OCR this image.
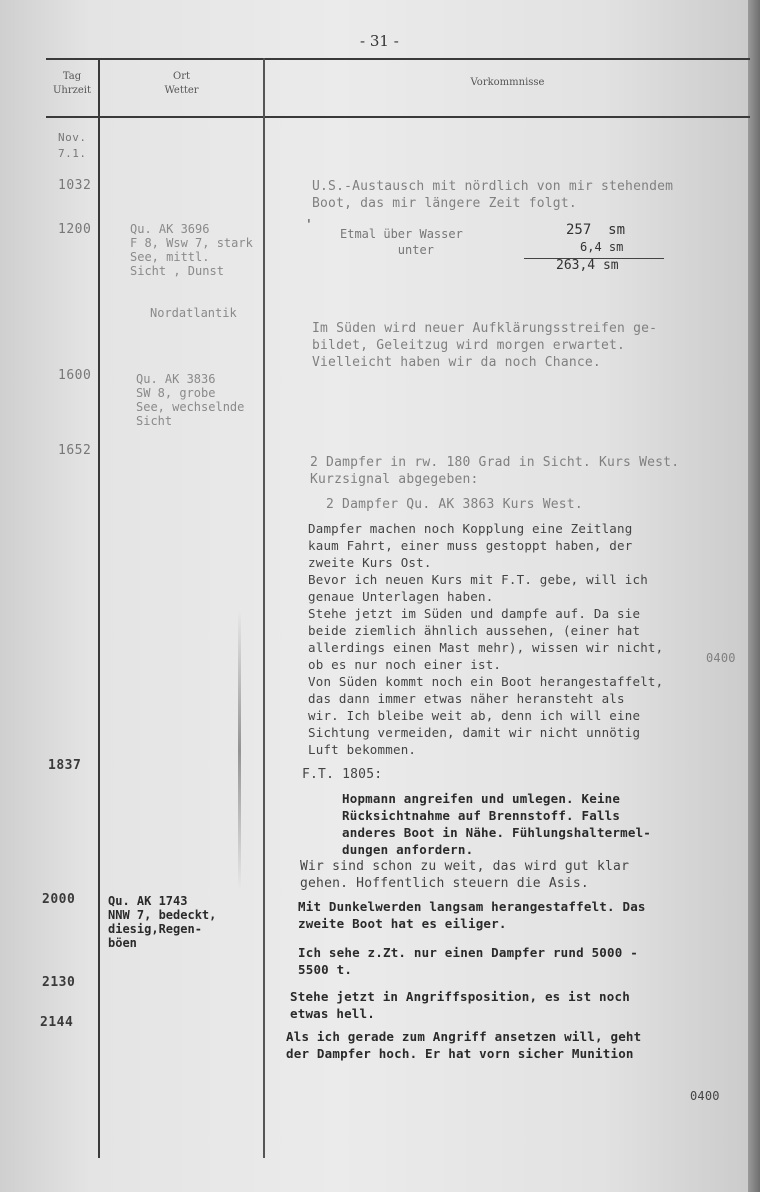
- 31 -
Tag
Uhrzeit
Ort
Wetter
Vorkommnisse
Nov.
7.1.
1032
1200
1600
1652
1837
2000
2130
2144
Qu. AK 3696
F 8, Wsw 7, stark
See, mittl.
Sicht , Dunst
Nordatlantik
Qu. AK 3836
SW 8, grobe
See, wechselnde
Sicht
Qu. AK 1743
NNW 7, bedeckt,
diesig,Regen-
böen
U.S.-Austausch mit nördlich von mir stehendem
Boot, das mir längere Zeit folgt.
'
Etmal über Wasser
unter
257  sm
6,4 sm
263,4 sm
Im Süden wird neuer Aufklärungsstreifen ge-
bildet, Geleitzug wird morgen erwartet.
Vielleicht haben wir da noch Chance.
2 Dampfer in rw. 180 Grad in Sicht. Kurs West.
Kurzsignal abgegeben:
2 Dampfer Qu. AK 3863 Kurs West.
Dampfer machen noch Kopplung eine Zeitlang
kaum Fahrt, einer muss gestoppt haben, der
zweite Kurs Ost.
Bevor ich neuen Kurs mit F.T. gebe, will ich
genaue Unterlagen haben.
Stehe jetzt im Süden und dampfe auf. Da sie
beide ziemlich ähnlich aussehen, (einer hat
allerdings einen Mast mehr), wissen wir nicht,
ob es nur noch einer ist.
Von Süden kommt noch ein Boot herangestaffelt,
das dann immer etwas näher heransteht als
wir. Ich bleibe weit ab, denn ich will eine
Sichtung vermeiden, damit wir nicht unnötig
Luft bekommen.
0400
F.T. 1805:
Hopmann angreifen und umlegen. Keine
Rücksichtnahme auf Brennstoff. Falls
anderes Boot in Nähe. Fühlungshaltermel-
dungen anfordern.
Wir sind schon zu weit, das wird gut klar
gehen. Hoffentlich steuern die Asis.
Mit Dunkelwerden langsam herangestaffelt. Das
zweite Boot hat es eiliger.
Ich sehe z.Zt. nur einen Dampfer rund 5000 -
5500 t.
Stehe jetzt in Angriffsposition, es ist noch
etwas hell.
Als ich gerade zum Angriff ansetzen will, geht
der Dampfer hoch. Er hat vorn sicher Munition
0400
